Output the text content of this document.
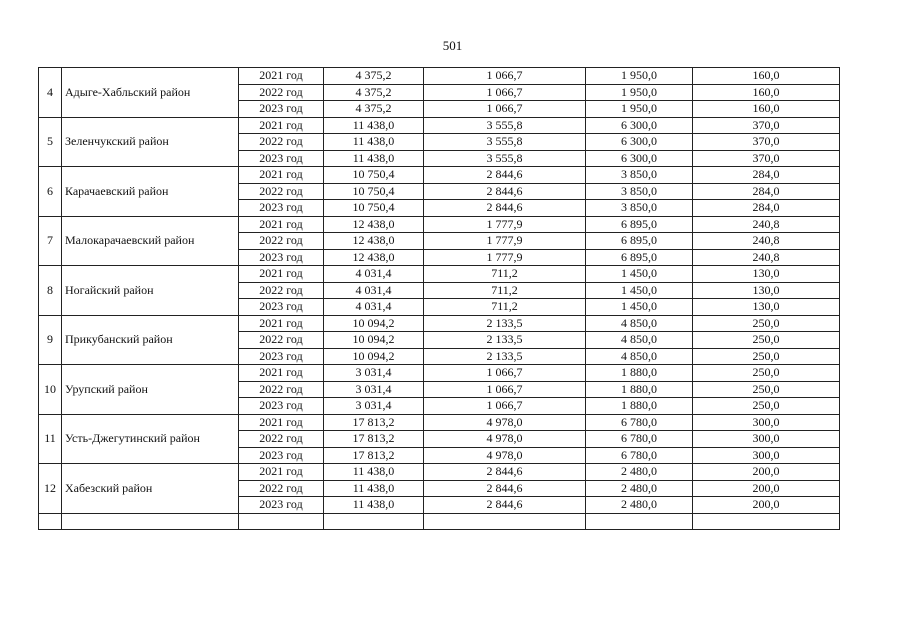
501
4	Адыге-Хабльский район	2021 год	4 375,2	1 066,7	1 950,0	160,0
		2022 год	4 375,2	1 066,7	1 950,0	160,0
		2023 год	4 375,2	1 066,7	1 950,0	160,0
5	Зеленчукский район	2021 год	11 438,0	3 555,8	6 300,0	370,0
		2022 год	11 438,0	3 555,8	6 300,0	370,0
		2023 год	11 438,0	3 555,8	6 300,0	370,0
6	Карачаевский район	2021 год	10 750,4	2 844,6	3 850,0	284,0
		2022 год	10 750,4	2 844,6	3 850,0	284,0
		2023 год	10 750,4	2 844,6	3 850,0	284,0
7	Малокарачаевский район	2021 год	12 438,0	1 777,9	6 895,0	240,8
		2022 год	12 438,0	1 777,9	6 895,0	240,8
		2023 год	12 438,0	1 777,9	6 895,0	240,8
8	Ногайский район	2021 год	4 031,4	711,2	1 450,0	130,0
		2022 год	4 031,4	711,2	1 450,0	130,0
		2023 год	4 031,4	711,2	1 450,0	130,0
9	Прикубанский район	2021 год	10 094,2	2 133,5	4 850,0	250,0
		2022 год	10 094,2	2 133,5	4 850,0	250,0
		2023 год	10 094,2	2 133,5	4 850,0	250,0
10	Урупский район	2021 год	3 031,4	1 066,7	1 880,0	250,0
		2022 год	3 031,4	1 066,7	1 880,0	250,0
		2023 год	3 031,4	1 066,7	1 880,0	250,0
11	Усть-Джегутинский район	2021 год	17 813,2	4 978,0	6 780,0	300,0
		2022 год	17 813,2	4 978,0	6 780,0	300,0
		2023 год	17 813,2	4 978,0	6 780,0	300,0
12	Хабезский район	2021 год	11 438,0	2 844,6	2 480,0	200,0
		2022 год	11 438,0	2 844,6	2 480,0	200,0
		2023 год	11 438,0	2 844,6	2 480,0	200,0
